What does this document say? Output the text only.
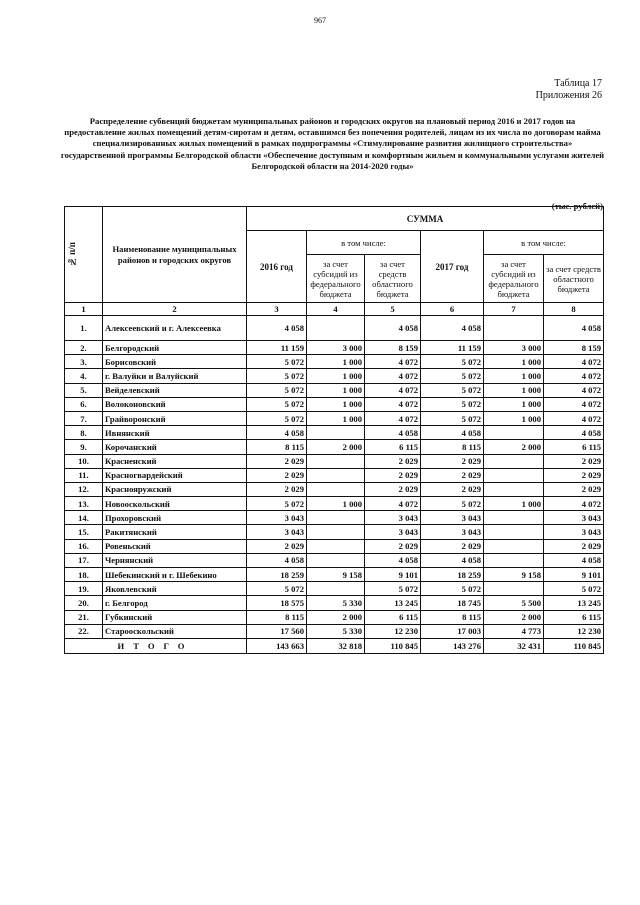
967
Таблица 17
Приложения 26
Распределение субвенций бюджетам муниципальных районов и городских округов на плановый период 2016 и 2017 годов на предоставление жилых помещений детям-сиротам и детям, оставшимся без попечения родителей, лицам из их числа по договорам найма специализированных жилых помещений в рамках подпрограммы «Стимулирование развития жилищного строительства» государственной программы Белгородской области «Обеспечение доступным и комфортным жильем и коммунальными услугами жителей Белгородской области на 2014-2020 годы»
(тыс. рублей)
№ п/п	Наименование муниципальных районов и городских округов	СУММА					
		2016 год	в том числе:		2017 год	в том числе:	
			за счет субсидий из федерального бюджета	за счет средств областного бюджета		за счет субсидий из федерального бюджета	за счет средств областного бюджета
1	2	3	4	5	6	7	8
1.	Алексеевский и г. Алексеевка	4 058		4 058	4 058		4 058
2.	Белгородский	11 159	3 000	8 159	11 159	3 000	8 159
3.	Борисовский	5 072	1 000	4 072	5 072	1 000	4 072
4.	г. Валуйки и Валуйский	5 072	1 000	4 072	5 072	1 000	4 072
5.	Вейделевский	5 072	1 000	4 072	5 072	1 000	4 072
6.	Волоконовский	5 072	1 000	4 072	5 072	1 000	4 072
7.	Грайворонский	5 072	1 000	4 072	5 072	1 000	4 072
8.	Ивнянский	4 058		4 058	4 058		4 058
9.	Корочанский	8 115	2 000	6 115	8 115	2 000	6 115
10.	Красненский	2 029		2 029	2 029		2 029
11.	Красногвардейский	2 029		2 029	2 029		2 029
12.	Краснояружский	2 029		2 029	2 029		2 029
13.	Новооскольский	5 072	1 000	4 072	5 072	1 000	4 072
14.	Прохоровский	3 043		3 043	3 043		3 043
15.	Ракитянский	3 043		3 043	3 043		3 043
16.	Ровеньский	2 029		2 029	2 029		2 029
17.	Чернянский	4 058		4 058	4 058		4 058
18.	Шебекинский и г. Шебекино	18 259	9 158	9 101	18 259	9 158	9 101
19.	Яковлевский	5 072		5 072	5 072		5 072
20.	г. Белгород	18 575	5 330	13 245	18 745	5 500	13 245
21.	Губкинский	8 115	2 000	6 115	8 115	2 000	6 115
22.	Старооскольский	17 560	5 330	12 230	17 003	4 773	12 230
ИТОГО		143 663	32 818	110 845	143 276	32 431	110 845
